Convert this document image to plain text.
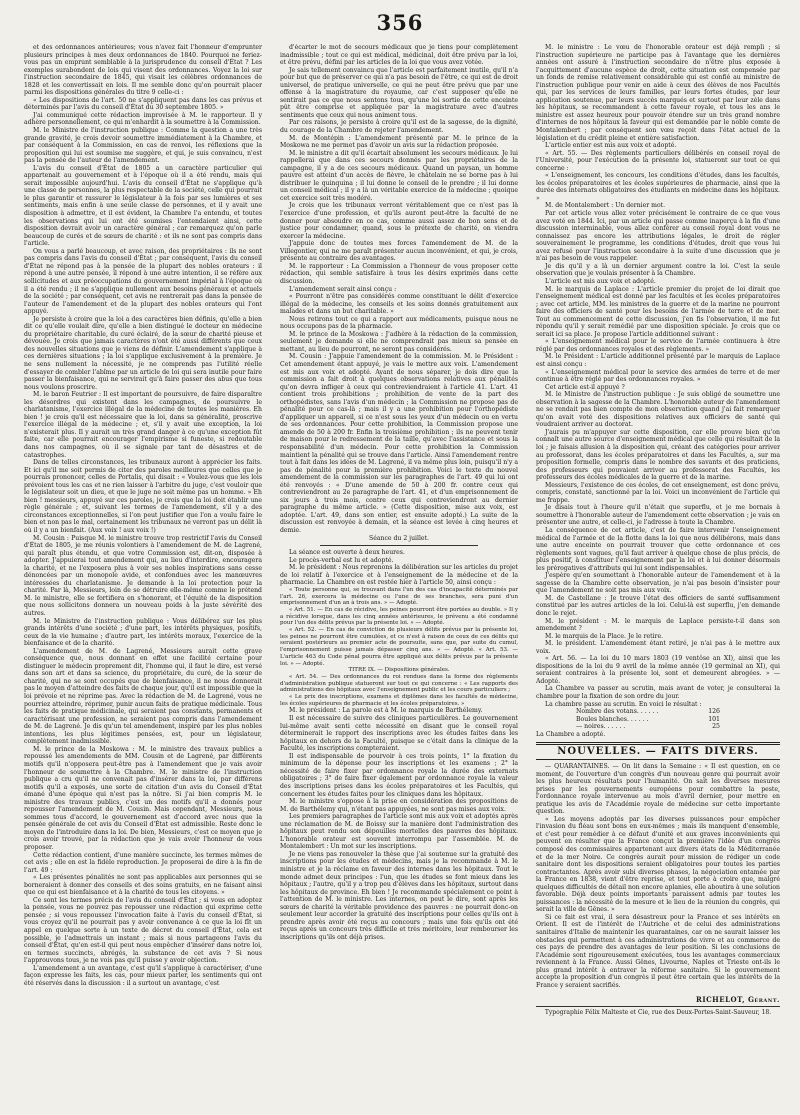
356

et des ordonnances antérieures; vous n'avez fait l'honneur d'emprunter plusieurs principes à mes deux ordonnances de 1840. Pourquoi ne feriez-vous pas un emprunt semblable à la jurisprudence du conseil d'État ? Les exemples surabondent de lois qui visent des ordonnances. Voyez la loi sur l'instruction secondaire de 1845, qui visait les célèbres ordonnances de 1828 et les convertissait en lois. Il me semble donc qu'on pourrait placer parmi les dispositions générales du titre 9 celle-ci :

« Les dispositions de l'art. 50 ne s'appliquent pas dans les cas prévus et déterminés par l'avis du conseil d'État du 30 septembre 1805. »

J'ai communiqué cette rédaction improvisée à M. le rapporteur. Il y adhère personnellement, ce qui m'enhardit à la soumettre à la Commission.

M. le Ministre de l'instruction publique : Comme la question a une très grande gravité, je crois devoir soumettre immédiatement à la Chambre, et par conséquent à la Commission, en cas de renvoi, les réflexions que la proposition qui lui est soumise me suggère, et qui, je suis convaincu, n'est pas la pensée de l'auteur de l'amendement.

L'avis du conseil d'État de 1805 a un caractère particulier qui appartenait au gouvernement et à l'époque où il a été rendu, mais qui serait impossible aujourd'hui. L'avis du conseil d'État ne s'applique qu'à une classe de personnes, la plus respectable de la société, celle qui pourrait le plus garantir et rassurer le législateur à la fois par ses lumières et ses sentiments, mais enfin à une seule classe de personnes, et il y avait une disposition à admettre, et il est évident, la Chambre l'a entendu, et toutes les observations qui lui ont été soumises l'entendaient ainsi, cette disposition devrait avoir un caractère général ; car remarquez qu'on parle beaucoup de curés et de sœurs de charité : et ils ne sont pas compris dans l'article.

On vous a parlé beaucoup, et avec raison, des propriétaires : ils ne sont pas compris dans l'avis du conseil d'État ; par conséquent, l'avis du conseil d'État ne répond pas à la pensée de la plupart des nobles orateurs : il répond à une autre pensée, il répond à une autre intention, il se réfère aux sollicitudes et aux préoccupations du gouvernement impérial à l'époque où il a été rendu ; il ne s'applique nullement aux besoins généraux et actuels de la société ; par conséquent, cet avis ne rentrerait pas dans la pensée de l'auteur de l'amendement et de la plupart des nobles orateurs qui l'ont appuyé.

Je persiste à croire que la loi a des caractères bien définis, qu'elle a bien dit ce qu'elle voulait dire, qu'elle a bien distingué le docteur en médecine du propriétaire charitable, du curé éclairé, de la sœur de charité pieuse et dévouée. Je crois que jamais caractères n'ont été aussi différents que ceux des nouvelles situations que je viens de définir. L'amendement s'applique à ces dernières situations ; la loi s'applique exclusivement à la première. Je ne sens nullement la nécessité, je ne comprends pas l'utilité réelle d'essayer de combler l'abîme par un article de loi qui sera inutile pour faire passer la bienfaisance, qui ne servirait qu'à faire passer des abus que tous nous voulons proscrire.

M. le baron Feutrier : Il est important de poursuivre, de faire disparaître les désordres qui existent dans les campagnes, de poursuivre le charlatanisme, l'exercice illégal de la médecine de toutes les manières. Eh bien ! je crois qu'il est nécessaire que la loi, dans sa généralité, proscrive l'exercice illégal de la médecine ; et, s'il y avait une exception, la loi n'existerait plus. Il y aurait un très grand danger à ce qu'une exception fût faite, car elle pourrait encourager l'empirisme si funeste, si redoutable dans nos campagnes, où il se signale par tant de désastres et de catastrophes.

Dans de telles circonstances, les tribunaux auront à apprécier les faits. Et ici qu'il me soit permis de citer des paroles meilleures que celles que je pourrais prononcer, celles de Portalis, qui disait : « Voulez-vous que les lois prévoient tous les cas et ne rien laisser à l'arbitre du juge, c'est vouloir que le législateur soit un dieu, et que le juge ne soit même pas un homme. » Eh bien ! messieurs, appuyé sur ces paroles, je crois que la loi doit établir une règle générale ; et, suivant les termes de l'amendement, s'il y a des circonstances exceptionnelles, si l'on peut justifier que l'on a voulu faire le bien et non pas le mal, certainement les tribunaux ne verront pas un délit là où il y a un bienfait. (Aux voix ! aux voix !)

M. Cousin : Puisque M. le ministre trouve trop restrictif l'avis du Conseil d'État de 1805, je me réunis volontiers à l'amendement de M. de Lagrené, qui paraît plus étendu, et que votre Commission est, dit-on, disposée à adopter. J'appuierai tout amendement qui, au lieu d'interdire, encouragera la charité, et ne l'exposera plus à voir ses nobles inspirations sans cesse dénoncées par un monopole avide, et confondues avec les manœuvres intéressées du charlatanisme. Je demande à la loi protection pour la charité. Par là, Messieurs, loin de se détruire elle-même comme le prétend M. le ministre, elle se fortifiera en s'honorant, et l'équité de la disposition que nous sollicitons donnera un nouveau poids à la juste sévérité des autres.

M. le Ministre de l'instruction publique : Vous délibérez sur les plus grands intérêts d'une société ; d'une part, les intérêts physiques, positifs, ceux de la vie humaine ; d'autre part, les intérêts moraux, l'exercice de la bienfaisance et de la charité.

L'amendement de M. de Lagrené, Messieurs aurait cette grave conséquence que, nous donnant en effet une facilité certaine pour distinguer le médecin proprement dit, l'homme qui, il faut le dire, est versé dans son art et dans sa science, du propriétaire, du curé, de la sœur de charité, qui ne se sont occupés que de bienfaisance, il ne nous donnerait pas le moyen d'atteindre des faits de chaque jour, qu'il est impossible que la loi prévoie et ne réprime pas. Avec la rédaction de M. de Lagrené, vous ne pourriez atteindre, réprimer, punir aucun faits de pratique médicinale. Tous les faits de pratique médicinale, qui seraient pas constants, permanents et caractérisant une profession, ne seraient pas compris dans l'amendement de M. de Lagrené. Je dis qu'un tel amendement, inspiré par les plus nobles intentions, les plus légitimes pensées, est, pour un législateur, complètement inadmissible.

M. le prince de la Moskowa : M. le ministre des travaux publics a repoussé les amendements de MM. Cousin et de Lagrené, par différents motifs qu'il n'opposera peut-être pas à l'amendement que je vais avoir l'honneur de soumettre à la Chambre. M. le ministre de l'instruction publique a cru qu'il ne convenait pas d'insérer dans la loi, par différens motifs qu'il a exposés, une sorte de citation d'un avis du Conseil d'État émané d'une époque qui n'est pas la nôtre. Si j'ai bien compris M. le ministre des travaux publics, c'est un des motifs qu'il a donnés pour repousser l'amendement de M. Cousin. Mais cependant, Messieurs, nous sommes tous d'accord, le gouvernement est d'accord avec nous que la pensée générale de cet avis du Conseil d'État est admissible. Reste donc le moyen de l'introduire dans la loi. De bien, Messieurs, c'est ce moyen que je crois avoir trouvé, par la rédaction que je vais avoir l'honneur de vous proposer.

Cette rédaction contient, d'une manière succincte, les termes mêmes de cet avis ; elle en est la fidèle reproduction. Je proposerai de dire à la fin de l'art. 49 :

« Les présentes pénalités ne sont pas applicables aux personnes qui se borneraient à donner des conseils et des soins gratuits, en ne faisant ainsi que ce qui est bienfaisance et à la charité de tous les citoyens. »

Ce sont les termes précis de l'avis du conseil d'État ; si vous en adoptez la pensée, vous ne pouvez pas repousser une rédaction qui exprime cette pensée ; si vous repoussez l'invocation faite à l'avis du conseil d'État, si vous croyez qu'il ne pourrait pas y avoir convenance à ce que la loi fît un appel en quelque sorte à un texte de décret du conseil d'État, cela est possible, je l'admettrais un instant ; mais si nous partageons l'avis du conseil d'État, qu'en est-il qui peut nous empêcher d'insérer dans notre loi, en termes succincts, abrégés, la substance de cet avis ? Si nous l'approuvons tous, je ne vois pas qu'il puisse y avoir objection.

L'amendement a un avantage, c'est qu'il s'applique à caractériser, d'une façon expresse les faits, les cas, pour mieux parler, les sentiments qui ont été réservés dans la discussion : il a surtout un avantage, c'est

d'écarter le mot de secours médicaux que je tiens pour complètement inadmissible ; tout ce qui est médical, médicinal, doit être prévu par la loi, et être prévu, défini par les articles de la loi que vous avez votée.

Je sais tellement convaincu que l'article est parfaitement inutile, qu'il n'a pour but que de préserver ce qui n'a pas besoin de l'être, ce qui est de droit universel, de pratique universelle, ce qui ne peut être prévu que par une offense à la magistrature du royaume, car c'est supposer qu'elle ne sentirait pas ce que nous sentons tous, qu'une loi sortie de cette enceinte pût être comprise et appliquée par la magistrature avec d'autres sentiments que ceux qui nous animent tous.

Par ces raisons, je persiste à croire qu'il est de la sagesse, de la dignité, du courage de la Chambre de rejeter l'amendement.

M. de Montépin : L'amendement présenté par M. le prince de la Moskowa ne me permet pas d'avoir un avis sur la rédaction proposée.

M. le ministre a dit qu'il écartait absolument les secours médicaux. Je lui rappellerai que dans ces secours donnés par les propriétaires de la campagne, il y a de ces secours médicaux. Quand un paysan, un homme pauvre est atteint d'un accès de fièvre, le châtelain ne se borne pas à lui distribuer le quinquina ; il lui donne le conseil de le prendre ; il lui donne un conseil médical ; il y a là un véritable exercice de la médecine ; quoique cet exercice soit très modéré.

Je crois que les tribunaux verront véritablement que ce n'est pas là l'exercice d'une profession, et qu'ils auront peut-être la faculté de ne donner pour absoudre en ce cas, comme aussi assez de bon sens et de justice pour condamner, quand, sous le prétexte de charité, on viendra exercer la médecine.

J'appuie donc de toutes mes forces l'amendement de M. de la Villegontier, qui ne me paraît présenter aucun inconvénient, et qui, je crois, présente au contraire des avantages.

M. le rapporteur : La Commission a l'honneur de vous proposer cette rédaction, qui semble satisfaire à tous les désirs exprimés dans cette discussion.

L'amendement serait ainsi conçu :

« Pourront n'être pas considérés comme constituant le délit d'exercice illégal de la médecine, les conseils et les soins donnés gratuitement aux malades et dans un but charitable. »

Nous retirons tout ce qui a rapport aux médicaments, puisque nous ne nous occupons pas de la pharmacie.

M. le prince de la Moskowa : J'adhère à la rédaction de la commission, seulement je demande si elle ne comprendrait pas mieux sa pensée en mettant, au lieu de pourront, ne seront pas considérés.

M. Cousin : J'appuie l'amendement de la commission. M. le Président : Cet amendement étant appuyé, je vais le mettre aux voix. L'amendement est mis aux voix et adopté. Ayant de nous séparer, je dois dire que la commission a fait droit à quelques observations relatives aux pénalités qu'on devra infliger à ceux qui contreviendraient à l'article 41. L'art. 41 contient trois prohibitions ; prohibition de vente de la part des orthopédistes, sans l'avis d'un médecin ; la Commission ne propose pas de pénalité pour ce cas-là ; mais il y a une prohibition pour l'orthopédiste d'appliquer un appareil, si ce n'est sous les yeux d'un médecin ou en vertu de ses ordonnances. Pour cette prohibition, la Commission propose une amende de 50 à 200 fr. Enfin la troisième prohibition ; ils ne peuvent tenir de maison pour le redressement de la taille, qu'avec l'assistance et sous la responsabilité d'un médecin. Pour cette prohibition la Commission maintient la pénalité qui se trouve dans l'article. Ainsi l'amendement rentre tout à fait dans les idées de M. Lagrené, il va même plus loin, puisqu'il n'y a pas de pénalité pour la première prohibition. Voici le texte du nouvel amendement de la commission sur les paragraphes de l'art. 49 qui lui ont été renvoyés : « D'une amende de 50 à 200 fr. contre ceux qui contreviendront au 2e paragraphe de l'art. 41, et d'un emprisonnement de six jours à trois mois, contre ceux qui contreviendront au dernier paragraphe du même article. » (Cette disposition, mise aux voix, est adoptée. L'art. 49, dans son entier, est ensuite adopté.) La suite de la discussion est renvoyée à demain, et la séance est levée à cinq heures et demie.

Séance du 2 juillet.

La séance est ouverte à deux heures.

Le procès-verbal est lu et adopté.

M. le président : Nous reprenons la délibération sur les articles du projet de loi relatif à l'exercice et à l'enseignement de la médecine et de la pharmacie. La Chambre en est restée hier à l'article 50, ainsi conçu :

« Toute personne qui, se trouvant dans l'un des cas d'incapacité déterminés par l'art. 26, exercera la médecine ou l'une de ses branches, sera puni d'un emprisonnement d'un an à trois ans. » — Adopté.

« Art. 51. — En cas de récidive, les peines pourront être portées au double. » Il y a récidive lorsque, dans les cinq années antérieures, le prévenu a été condamné pour l'un des délits prévus par la présente loi. » — Adopté.

« Art. 52. — En cas de conviction de plusieurs délits prévus par la présente loi, les peines ne pourront être cumulées, et ce n'est à raison de ceux de ces délits qui seraient postérieurs au premier acte de poursuite, sans que, par suite du cumul, l'emprisonnement puisse jamais dépasser cinq ans. » — Adopté. « Art. 53. — L'article 463 du Code pénal pourra être appliqué aux délits prévus par la présente loi. » — Adopté.

TITRE IX. — Dispositions générales.

« Art. 54. — Des ordonnances du roi rendues dans la forme des règlements d'administration publique statueront sur tout ce qui concerne : « Les rapports des administrations des hôpitaux avec l'enseignement public et les cours particuliers ;

« Le prix des inscriptions, examens et diplômes dans les facultés de médecine, les écoles supérieures de pharmacie et les écoles préparatoires. »

M. le président : La parole est à M. le marquis de Barthélemy.

Il est nécessaire de suivre des cliniques particulières. Le gouvernement lui-même avait senti cette nécessité en disant que le conseil royal déterminerait le rapport des inscriptions avec les études faites dans les hôpitaux en dehors de la Faculté, puisque se c'était dans la clinique de la Faculté, les inscriptions compteraient.

Il est indispensable de pourvoir à ces trois points, 1° la fixation du minimum de la dépense pour les inscriptions et les examens ; 2° la nécessité de faire fixer par ordonnance royale la durée des externats obligatoires ; 3° de faire fixer également par ordonnance royale la valeur des inscriptions prises dans les écoles préparatoires et les Facultés, qui concernent les études faites pour les cliniques dans les hôpitaux.

M. le ministre s'oppose à la prise en considération des propositions de M. de Barthélemy qui, n'étant pas appuyées, ne sont pas mises aux voix.

Les premiers paragraphes de l'article sont mis aux voix et adoptés après une réclamation de M. de Boissy sur la manière dont l'administration des hôpitaux peut rendu son dépouilles mortelles des pauvres des hôpitaux. L'honorable orateur est souvent interrompu par l'assemblée. M. de Montalembert : Un mot sur les inscriptions.

Je ne viens pas renouveler la thèse que j'ai soutenue sur la gratuité des inscriptions pour les études et médecins, mais je la recommande à M. le ministre et je la réclame en faveur des internes dans les hôpitaux. Tout le monde admet deux principes : l'un, que les études se font mieux dans les hôpitaux ; l'autre, qu'il y a trop peu d'élèves dans les hôpitaux, surtout dans les hôpitaux de province. Eh bien ! Je recommande spécialement ce point à l'attention de M. le ministre. Les internes, on peut le dire, sont après les sœurs de charité la véritable providence des pauvres : ne pourrait donc-on seulement leur accorder la gratuité des inscriptions pour celles qu'ils ont à prendre après avoir été reçus au concours ; mais une fois qu'ils ont été reçus après un concours très difficile et très méritoire, leur rembourser les inscriptions qu'ils ont déjà prises.

M. le ministre : Le vœu de l'honorable orateur est déjà rempli ; si l'instruction supérieure ne participe pas à l'avantage que les dernières années ont assuré à l'instruction secondaire de n'être plus exposée à l'acquittement d'aucune espèce de droit, cette situation est compensée par un fonds de remise relativement considérable qui est confié au ministre de l'instruction publique pour venir en aide à ceux des élèves de nos Facultés qui, par les services de leurs familles, par leurs fortes études, par leur application soutenue, par leurs succès marqués et surtout par leur zèle dans les hôpitaux, se recommandent à cette faveur royale, et tous les ans le ministre est assez heureux pour pouvoir étendre sur un très grand nombre d'internes de nos hôpitaux la faveur qui est demandée par le noble comte de Montalembert ; par conséquent son vœu reçoit dans l'état actuel de la législation et du crédit pleine et entière satisfaction.

L'article entier est mis aux voix et adopté.

« Art. 55. — Des règlements particuliers délibérés en conseil royal de l'Université, pour l'exécution de la présente loi, statueront sur tout ce qui concerne :

« L'enseignement, les concours, les conditions d'études, dans les facultés, les écoles préparatoires et les écoles supérieures de pharmacie, ainsi que la durée des internats obligatoires des étudiants en médecine dans les hôpitaux. »

M. de Montalembert : Un dernier mot.

Par cet article vous allez voter précisément le contraire de ce que vous avez voté en 1844. Ici, par un article qui passe comme inaperçu à la fin d'une discussion interminable, vous allez conférer au conseil royal dont vous ne connaissez pas encore les attributions légales, le droit de régler souverainement le programme, les conditions d'études, droit que vous lui avez refusé pour l'instruction secondaire à la suite d'une discussion que je n'ai pas besoin de vous rappeler.

Je dis qu'il y a là un dernier argument contre la loi. C'est la seule observation que je voulais présenter à la Chambre.

L'article est mis aux voix et adopté.

M. le marquis de Laplace : L'article premier du projet de loi dirait que l'enseignement médical est donné par les facultés et les écoles préparatoires ; avec cet article, MM. les ministres de la guerre et de la marine ne pourront faire des officiers de santé pour les besoins de l'armée de terre et de mer. Tout au commencement de cette discussion, j'en fis l'observation, il me fut répondu qu'il y serait remédié par une disposition spéciale. Je crois que ce serait ici sa place. Je propose l'article additionnel suivant :

« L'enseignement médical pour le service de l'armée continuera à être réglé par des ordonnances royales et des règlements. »

M. le Président : L'article additionnel présenté par le marquis de Laplace est ainsi conçu :

« L'enseignement médical pour le service des armées de terre et de mer continue à être réglé par des ordonnances royales. »

Cet article est-il appuyé ?

M. le Ministre de l'instruction publique : Je suis obligé de soumettre une observation à la sagesse de la Chambre. L'honorable auteur de l'amendement ne se rendait pas bien compte de mon observation quand j'ai fait remarquer qu'on avait voté des dispositions relatives aux officiers de santé qui voudraient arriver au doctorat.

J'aurais pu m'appuyer sur cette disposition, car elle prouve bien qu'on connaît une autre source d'enseignement médical que celle qui résultait de la loi ; je faisais allusion à la disposition qui, créant des catégories pour arriver au professorat, dans les écoles préparatoires et dans les Facultés, a, sur ma proposition formelle, compris dans le nombre des savants et des praticiens, des professeurs qui pouvaient arriver au professorat des Facultés, les professeurs des écoles médicales de la guerre et de la marine.

Messieurs, l'existence de ces écoles, de cet enseignement, est donc prévu, compris, constaté, sanctionné par la loi. Voici un inconvénient de l'article qui me frappe.

Je disais tout à l'heure qu'il n'était que superflu, et je me bornais à soumettre à l'honorable auteur de l'amendement cette observation ; je vais en présenter une autre, et celle-ci, je l'adresse à toute la Chambre.

La conséquence de cet article, c'est de faire intervenir l'enseignement médical de l'armée et de la flotte dans la loi que nous délibérons, mais dans une autre enceinte on pourrait trouver que cette ordonnance et ces règlements sont vagues, qu'il faut arriver à quelque chose de plus précis, de plus positif, à constituer l'enseignement par la loi et à lui donner désormais les prérogatives d'attributs qui lui sont indispensables.

J'espère qu'en soumettant à l'honorable auteur de l'amendement et à la sagesse de la Chambre cette observation, je n'ai pas besoin d'insister pour que l'amendement ne soit pas mis aux voix.

M. de Castellane : Je trouve l'état des officiers de santé suffisamment constitué par les autres articles de la loi. Celui-là est superflu, j'en demande donc le rejet.

M. le président : M. le marquis de Laplace persiste-t-il dans son amendement ?

M. le marquis de la Place. Je le retire.

M. le président. L'amendement étant retiré, je n'ai pas à le mettre aux voix.

« Art. 56. — La loi du 10 mars 1803 (19 ventôse an XI), ainsi que les dispositions de la loi du 9 avril de la même année (19 germinal an XI), qui seraient contraires à la présente loi, sont et demeurent abrogées. » — Adopté.

La Chambre va passer au scrutin, mais avant de voter, je consulterai la chambre pour la fixation de son ordre du jour.

La chambre passe au scrutin. En voici le résultat :

Nombre des votans. . . . . .	126
Boules blanches. . . . . .	101
— noires. . . . . .	25

La Chambre a adopté.

NOUVELLES. — FAITS DIVERS.

— QUARANTAINES. — On lit dans la Semaine : « Il est question, en ce moment, de l'ouverture d'un congrès d'un nouveau genre qui pourrait avoir les plus heureux résultats pour l'humanité. On sait les diverses mesures prises par les gouvernements européens pour combattre la peste, l'ordonnance royale intervenue au mois d'avril dernier, pour mettre en pratique les avis de l'Académie royale de médecine sur cette importante question.

« Les moyens adoptés par les diverses puissances pour empêcher l'invasion du fléau sont bons en eux-mêmes ; mais ils manquent d'ensemble, et c'est pour remédier à ce défaut d'unité et aux graves inconvénients qui peuvent en résulter que la France conçut la première l'idée d'un congrès composé des commissaires appartenant aux divers états de la Méditerranée et de la mer Noire. Ce congrès aurait pour mission de rédiger un code sanitaire dont les dispositions seraient obligatoires pour toutes les parties contractantes. Après avoir subi diverses phases, la négociation entamée par la France en 1838, vient d'être reprise, et tout porte à croire que, malgré quelques difficultés de détail non encore aplanies, elle aboutira à une solution favorable. Déjà deux points importants paraissent admis par toutes les puissances : la nécessité de la mesure et le lieu de la réunion du congrès, qui serait la ville de Gênes. »

Si ce fait est vrai, il sera désastreux pour la France et ses intérêts en Orient. Il est de l'intérêt de l'Autriche et de celui des administrations sanitaires d'Italie de maintenir les quarantaines, car on ne saurait laisser les obstacles qui permettent à ces administrations de vivre et au commerce de ces pays de prendre des avantages de leur position. Si les conclusions de l'Académie sont rigoureusement exécutées, tous les avantages commerciaux reviennent à la France. Aussi Gênes, Livourne, Naples et Trieste ont-ils le plus grand intérêt à entraver la réforme sanitaire. Si le gouvernement accepte la proposition d'un congrès il peut être certain que les intérêts de la France y seraient sacrifiés.

RICHELOT, Gérant.
Typographie Félix Malteste et Cie, rue des Deux-Portes-Saint-Sauveur, 18.
